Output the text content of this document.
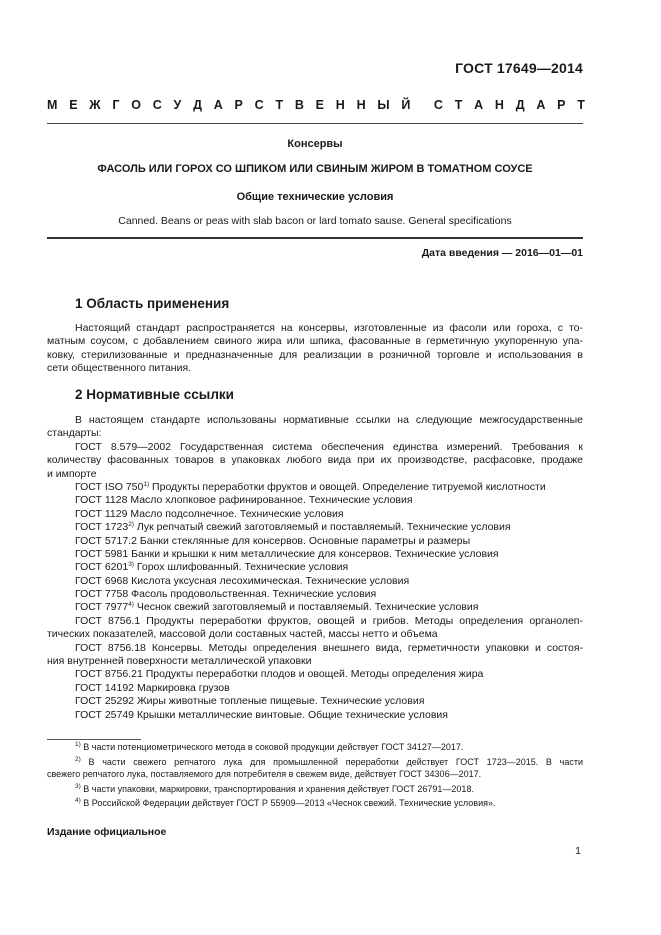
ГОСТ 17649—2014
М Е Ж Г О С У Д А Р С Т В Е Н Н Ы Й С Т А Н Д А Р Т
Консервы
ФАСОЛЬ ИЛИ ГОРОХ СО ШПИКОМ ИЛИ СВИНЫМ ЖИРОМ В ТОМАТНОМ СОУСЕ
Общие технические условия
Canned. Beans or peas with slab bacon or lard tomato sause. General specifications
Дата введения — 2016—01—01
1 Область применения
Настоящий стандарт распространяется на консервы, изготовленные из фасоли или гороха, с то-
матным соусом, с добавлением свиного жира или шпика, фасованные в герметичную укупоренную упа-
ковку, стерилизованные и предназначенные для реализации в розничной торговле и использования в
сети общественного питания.
2 Нормативные ссылки
В настоящем стандарте использованы нормативные ссылки на следующие межгосударственные
стандарты:
ГОСТ 8.579—2002 Государственная система обеспечения единства измерений. Требования к
количеству фасованных товаров в упаковках любого вида при их производстве, расфасовке, продаже
и импорте
ГОСТ ISO 750$^{1)}$ Продукты переработки фруктов и овощей. Определение титруемой кислотности
ГОСТ 1128 Масло хлопковое рафинированное. Технические условия
ГОСТ 1129 Масло подсолнечное. Технические условия
ГОСТ 1723$^{2)}$ Лук репчатый свежий заготовляемый и поставляемый. Технические условия
ГОСТ 5717.2 Банки стеклянные для консервов. Основные параметры и размеры
ГОСТ 5981 Банки и крышки к ним металлические для консервов. Технические условия
ГОСТ 6201$^{3)}$ Горох шлифованный. Технические условия
ГОСТ 6968 Кислота уксусная лесохимическая. Технические условия
ГОСТ 7758 Фасоль продовольственная. Технические условия
ГОСТ 7977$^{4)}$ Чеснок свежий заготовляемый и поставляемый. Технические условия
ГОСТ 8756.1 Продукты переработки фруктов, овощей и грибов. Методы определения органолеп-
тических показателей, массовой доли составных частей, массы нетто и объема
ГОСТ 8756.18 Консервы. Методы определения внешнего вида, герметичности упаковки и состоя-
ния внутренней поверхности металлической упаковки
ГОСТ 8756.21 Продукты переработки плодов и овощей. Методы определения жира
ГОСТ 14192 Маркировка грузов
ГОСТ 25292 Жиры животные топленые пищевые. Технические условия
ГОСТ 25749 Крышки металлические винтовые. Общие технические условия
$^{1)}$ В части потенциометрического метода в соковой продукции действует ГОСТ 34127—2017.
$^{2)}$ В части свежего репчатого лука для промышленной переработки действует ГОСТ 1723—2015. В части
свежего репчатого лука, поставляемого для потребителя в свежем виде, действует ГОСТ 34306—2017.
$^{3)}$ В части упаковки, маркировки, транспортирования и хранения действует ГОСТ 26791—2018.
$^{4)}$ В Российской Федерации действует ГОСТ Р 55909—2013 «Чеснок свежий. Технические условия».
Издание официальное
1
